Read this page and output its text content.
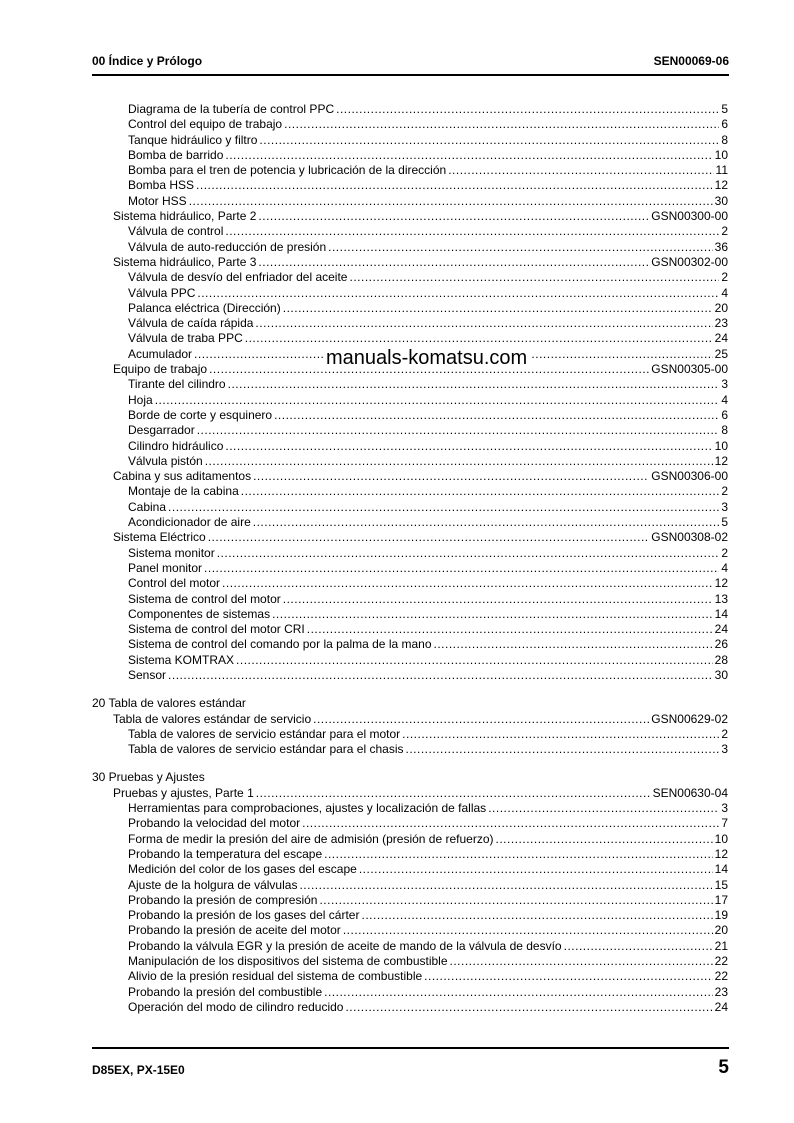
00 Índice y Prólogo	SEN00069-06
Diagrama de la tubería de control PPC .....	5
Control del equipo de trabajo .....	6
Tanque hidráulico y filtro .....	8
Bomba de barrido .....	10
Bomba para el tren de potencia y lubricación de la dirección .....	11
Bomba HSS .....	12
Motor HSS .....	30
Sistema hidráulico, Parte 2 .....	GSN00300-00
Válvula de control .....	2
Válvula de auto-reducción de presión .....	36
Sistema hidráulico, Parte 3 .....	GSN00302-00
Válvula de desvío del enfriador del aceite .....	2
Válvula PPC .....	4
Palanca eléctrica (Dirección) .....	20
Válvula de caída rápida .....	23
Válvula de traba PPC .....	24
Acumulador .....	25
Equipo de trabajo .....	GSN00305-00
Tirante del cilindro .....	3
Hoja .....	4
Borde de corte y esquinero .....	6
Desgarrador .....	8
Cilindro hidráulico .....	10
Válvula pistón .....	12
Cabina y sus aditamentos .....	GSN00306-00
Montaje de la cabina .....	2
Cabina .....	3
Acondicionador de aire .....	5
Sistema Eléctrico .....	GSN00308-02
Sistema monitor .....	2
Panel monitor .....	4
Control del motor .....	12
Sistema de control del motor .....	13
Componentes de sistemas .....	14
Sistema de control del motor CRI .....	24
Sistema de control del comando por la palma de la mano .....	26
Sistema KOMTRAX .....	28
Sensor .....	30
20 Tabla de valores estándar
Tabla de valores estándar de servicio .....	GSN00629-02
Tabla de valores de servicio estándar para el motor .....	2
Tabla de valores de servicio estándar para el chasis .....	3
30 Pruebas y Ajustes
Pruebas y ajustes, Parte 1 .....	SEN00630-04
Herramientas para comprobaciones, ajustes y localización de fallas .....	3
Probando la velocidad del motor .....	7
Forma de medir la presión del aire de admisión (presión de refuerzo) .....	10
Probando la temperatura del escape .....	12
Medición del color de los gases del escape .....	14
Ajuste de la holgura de válvulas .....	15
Probando la presión de compresión .....	17
Probando la presión de los gases del cárter .....	19
Probando la presión de aceite del motor .....	20
Probando la válvula EGR y la presión de aceite de mando de la válvula de desvío .....	21
Manipulación de los dispositivos del sistema de combustible .....	22
Alivio de la presión residual del sistema de combustible .....	22
Probando la presión del combustible .....	23
Operación del modo de cilindro reducido .....	24
manuals-komatsu.com
D85EX, PX-15E0	5
